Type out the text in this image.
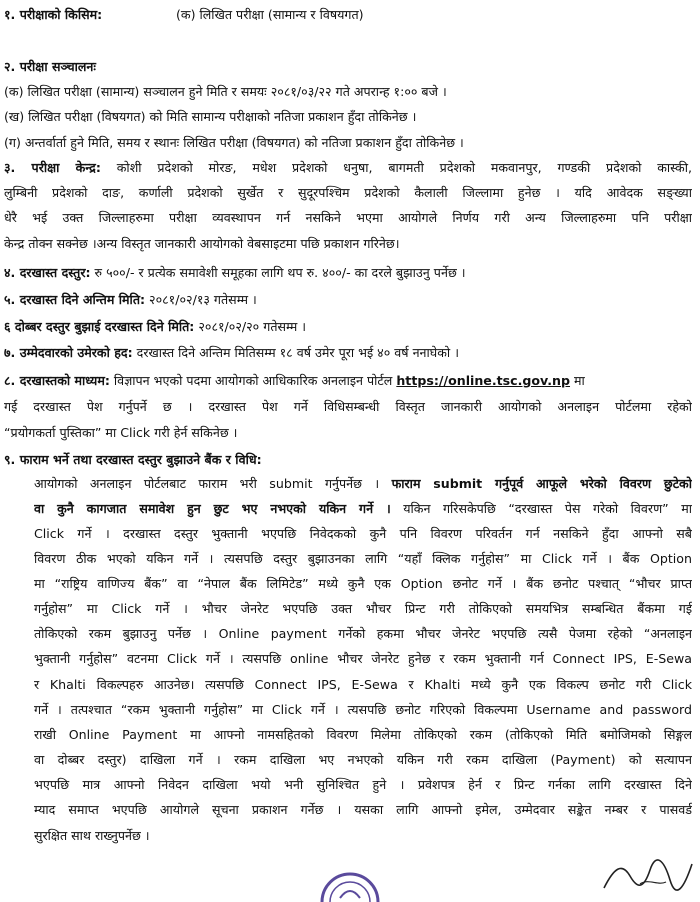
१. परीक्षाको किसिम:	(क) लिखित परीक्षा (सामान्य र विषयगत)
२. परीक्षा सञ्चालनः
(क) लिखित परीक्षा (सामान्य) सञ्चालन हुने मिति र समयः २०८१/०३/२२ गते अपरान्ह १:०० बजे ।
(ख) लिखित परीक्षा (विषयगत) को मिति सामान्य परीक्षाको नतिजा प्रकाशन हुँदा तोकिनेछ ।
(ग) अन्तर्वार्ता हुने मिति, समय र स्थानः लिखित परीक्षा (विषयगत) को नतिजा प्रकाशन हुँदा तोकिनेछ ।
३. परीक्षा केन्द्र: कोशी प्रदेशको मोरङ, मधेश प्रदेशको धनुषा, बागमती प्रदेशको मकवानपुर, गण्डकी प्रदेशको कास्की,
लुम्बिनी प्रदेशको दाङ, कर्णाली प्रदेशको सुर्खेत र सुदूरपश्चिम प्रदेशको कैलाली जिल्लामा हुनेछ । यदि आवेदक सङ्ख्या
धेरै भई उक्त जिल्लाहरुमा परीक्षा व्यवस्थापन गर्न नसकिने भएमा आयोगले निर्णय गरी अन्य जिल्लाहरुमा पनि परीक्षा
केन्द्र तोक्न सक्नेछ ।अन्य विस्तृत जानकारी आयोगको वेबसाइटमा पछि प्रकाशन गरिनेछ।
४. दरखास्त दस्तुर: रु ५००/- र प्रत्येक समावेशी समूहका लागि थप रु. ४००/- का दरले बुझाउनु पर्नेछ ।
५. दरखास्त दिने अन्तिम मिति: २०८१/०२/१३ गतेसम्म ।
६ दोब्बर दस्तुर बुझाई दरखास्त दिने मिति: २०८१/०२/२० गतेसम्म ।
७. उम्मेदवारको उमेरको हद: दरखास्त दिने अन्तिम मितिसम्म १८ वर्ष उमेर पूरा भई ४० वर्ष ननाघेको ।
८. दरखास्तको माध्यम: विज्ञापन भएको पदमा आयोगको आधिकारिक अनलाइन पोर्टल https://online.tsc.gov.np मा
गई दरखास्त पेश गर्नुपर्ने छ । दरखास्त पेश गर्ने विधिसम्बन्धी विस्तृत जानकारी आयोगको अनलाइन पोर्टलमा रहेको
“प्रयोगकर्ता पुस्तिका” मा Click गरी हेर्न सकिनेछ ।
९. फाराम भर्ने तथा दरखास्त दस्तुर बुझाउने बैंक र विधि:
आयोगको अनलाइन पोर्टलबाट फाराम भरी submit गर्नुपर्नेछ । फाराम submit गर्नुपूर्व आफूले भरेको विवरण छुटेको
वा कुनै कागजात समावेश हुन छुट भए नभएको यकिन गर्ने । यकिन गरिसकेपछि “दरखास्त पेस गरेको विवरण” मा
Click गर्ने । दरखास्त दस्तुर भुक्तानी भएपछि निवेदकको कुनै पनि विवरण परिवर्तन गर्न नसकिने हुँदा आफ्नो सबै
विवरण ठीक भएको यकिन गर्ने । त्यसपछि दस्तुर बुझाउनका लागि “यहाँ क्लिक गर्नुहोस” मा Click गर्ने । बैंक Option
मा “राष्ट्रिय वाणिज्य बैंक” वा “नेपाल बैंक लिमिटेड” मध्ये कुनै एक Option छनोट गर्ने । बैंक छनोट पश्चात् “भौचर प्राप्त
गर्नुहोस” मा Click गर्ने । भौचर जेनरेट भएपछि उक्त भौचर प्रिन्ट गरी तोकिएको समयभित्र सम्बन्धित बैंकमा गई
तोकिएको रकम बुझाउनु पर्नेछ । Online payment गर्नेको हकमा भौचर जेनरेट भएपछि त्यसै पेजमा रहेको “अनलाइन
भुक्तानी गर्नुहोस” वटनमा Click गर्ने । त्यसपछि online भौचर जेनरेट हुनेछ र रकम भुक्तानी गर्न Connect IPS, E-Sewa
र Khalti विकल्पहरु आउनेछ। त्यसपछि Connect IPS, E-Sewa र Khalti मध्ये कुनै एक विकल्प छनोट गरी Click
गर्ने । तत्पश्चात “रकम भुक्तानी गर्नुहोस” मा Click गर्ने । त्यसपछि छनोट गरिएको विकल्पमा Username and password
राखी Online Payment मा आफ्नो नामसहितको विवरण मिलेमा तोकिएको रकम (तोकिएको मिति बमोजिमको सिङ्गल
वा दोब्बर दस्तुर) दाखिला गर्ने । रकम दाखिला भए नभएको यकिन गरी रकम दाखिला (Payment) को सत्यापन
भएपछि मात्र आफ्नो निवेदन दाखिला भयो भनी सुनिश्चित हुने । प्रवेशपत्र हेर्न र प्रिन्ट गर्नका लागि दरखास्त दिने
म्याद समाप्त भएपछि आयोगले सूचना प्रकाशन गर्नेछ । यसका लागि आफ्नो इमेल, उम्मेदवार सङ्केत नम्बर र पासवर्ड
सुरक्षित साथ राख्नुपर्नेछ ।
